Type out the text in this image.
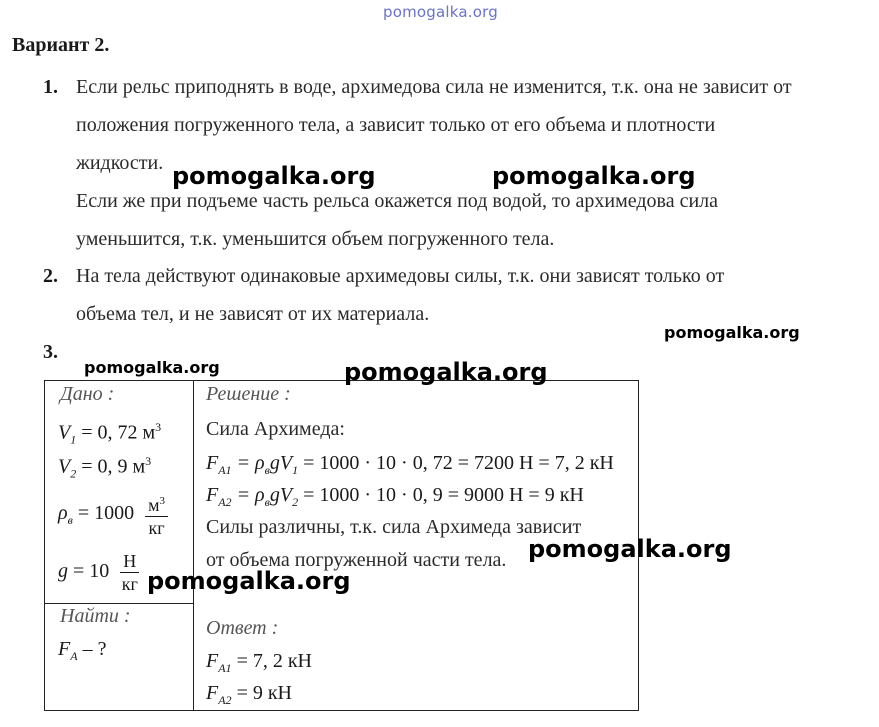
pomogalka.org
Вариант 2.
1. Если рельс приподнять в воде, архимедова сила не изменится, т.к. она не зависит от
положения погруженного тела, а зависит только от его объема и плотности
жидкости.
Если же при подъеме часть рельса окажется под водой, то архимедова сила
уменьшится, т.к. уменьшится объем погруженного тела.
2. На тела действуют одинаковые архимедовы силы, т.к. они зависят только от
объема тел, и не зависят от их материала.
3.
Дано :
$V_1 = 0$, 72 $м^3$
$V_2 = 0$, 9 $м^3$
$\rho_в = 1000 \frac{м^3}{кг}$
$g = 10 \frac{Н}{кг}$
Найти :
$F_A$ – ?
Решение :
Сила Архимеда:
$F_{A1} = \rho_вgV_1 = 1000 \cdot 10 \cdot 0$, 72 = 7200 Н = 7, 2 кН
$F_{A2} = \rho_вgV_2 = 1000 \cdot 10 \cdot 0$, 9 = 9000 Н = 9 кН
Силы различны, т.к. сила Архимеда зависит
от объема погруженной части тела.
Ответ :
$F_{A1} = 7$, 2 кН
$F_{A2} = 9$ кН
pomogalka.org	pomogalka.org
pomogalka.org
pomogalka.org	pomogalka.org
pomogalka.org
pomogalka.org
